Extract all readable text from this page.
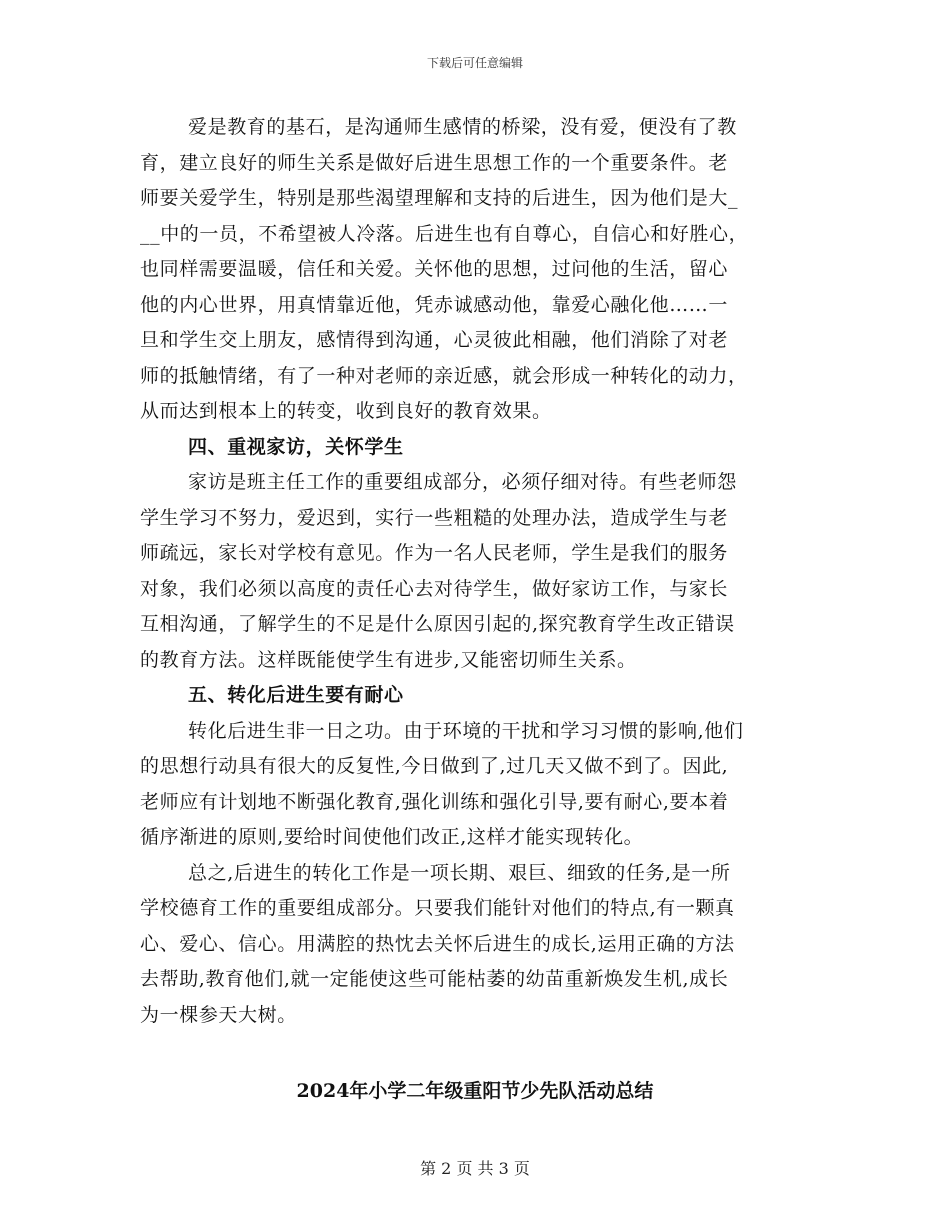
下载后可任意编辑
爱是教育的基石，是沟通师生感情的桥梁，没有爱，便没有了教
育，建立良好的师生关系是做好后进生思想工作的一个重要条件。老
师要关爱学生，特别是那些渴望理解和支持的后进生，因为他们是大_
__中的一员，不希望被人冷落。后进生也有自尊心，自信心和好胜心，
也同样需要温暖，信任和关爱。关怀他的思想，过问他的生活，留心
他的内心世界，用真情靠近他，凭赤诚感动他，靠爱心融化他……一
旦和学生交上朋友，感情得到沟通，心灵彼此相融，他们消除了对老
师的抵触情绪，有了一种对老师的亲近感，就会形成一种转化的动力，
从而达到根本上的转变，收到良好的教育效果。
四、重视家访，关怀学生
家访是班主任工作的重要组成部分，必须仔细对待。有些老师怨
学生学习不努力，爱迟到，实行一些粗糙的处理办法，造成学生与老
师疏远，家长对学校有意见。作为一名人民老师，学生是我们的服务
对象，我们必须以高度的责任心去对待学生，做好家访工作，与家长
互相沟通，了解学生的不足是什么原因引起的,探究教育学生改正错误
的教育方法。这样既能使学生有进步,又能密切师生关系。
五、转化后进生要有耐心
转化后进生非一日之功。由于环境的干扰和学习习惯的影响,他们
的思想行动具有很大的反复性,今日做到了,过几天又做不到了。因此,
老师应有计划地不断强化教育,强化训练和强化引导,要有耐心,要本着
循序渐进的原则,要给时间使他们改正,这样才能实现转化。
总之,后进生的转化工作是一项长期、艰巨、细致的任务,是一所
学校德育工作的重要组成部分。只要我们能针对他们的特点,有一颗真
心、爱心、信心。用满腔的热忱去关怀后进生的成长,运用正确的方法
去帮助,教育他们,就一定能使这些可能枯萎的幼苗重新焕发生机,成长
为一棵参天大树。
2024年小学二年级重阳节少先队活动总结
第 2 页 共 3 页
